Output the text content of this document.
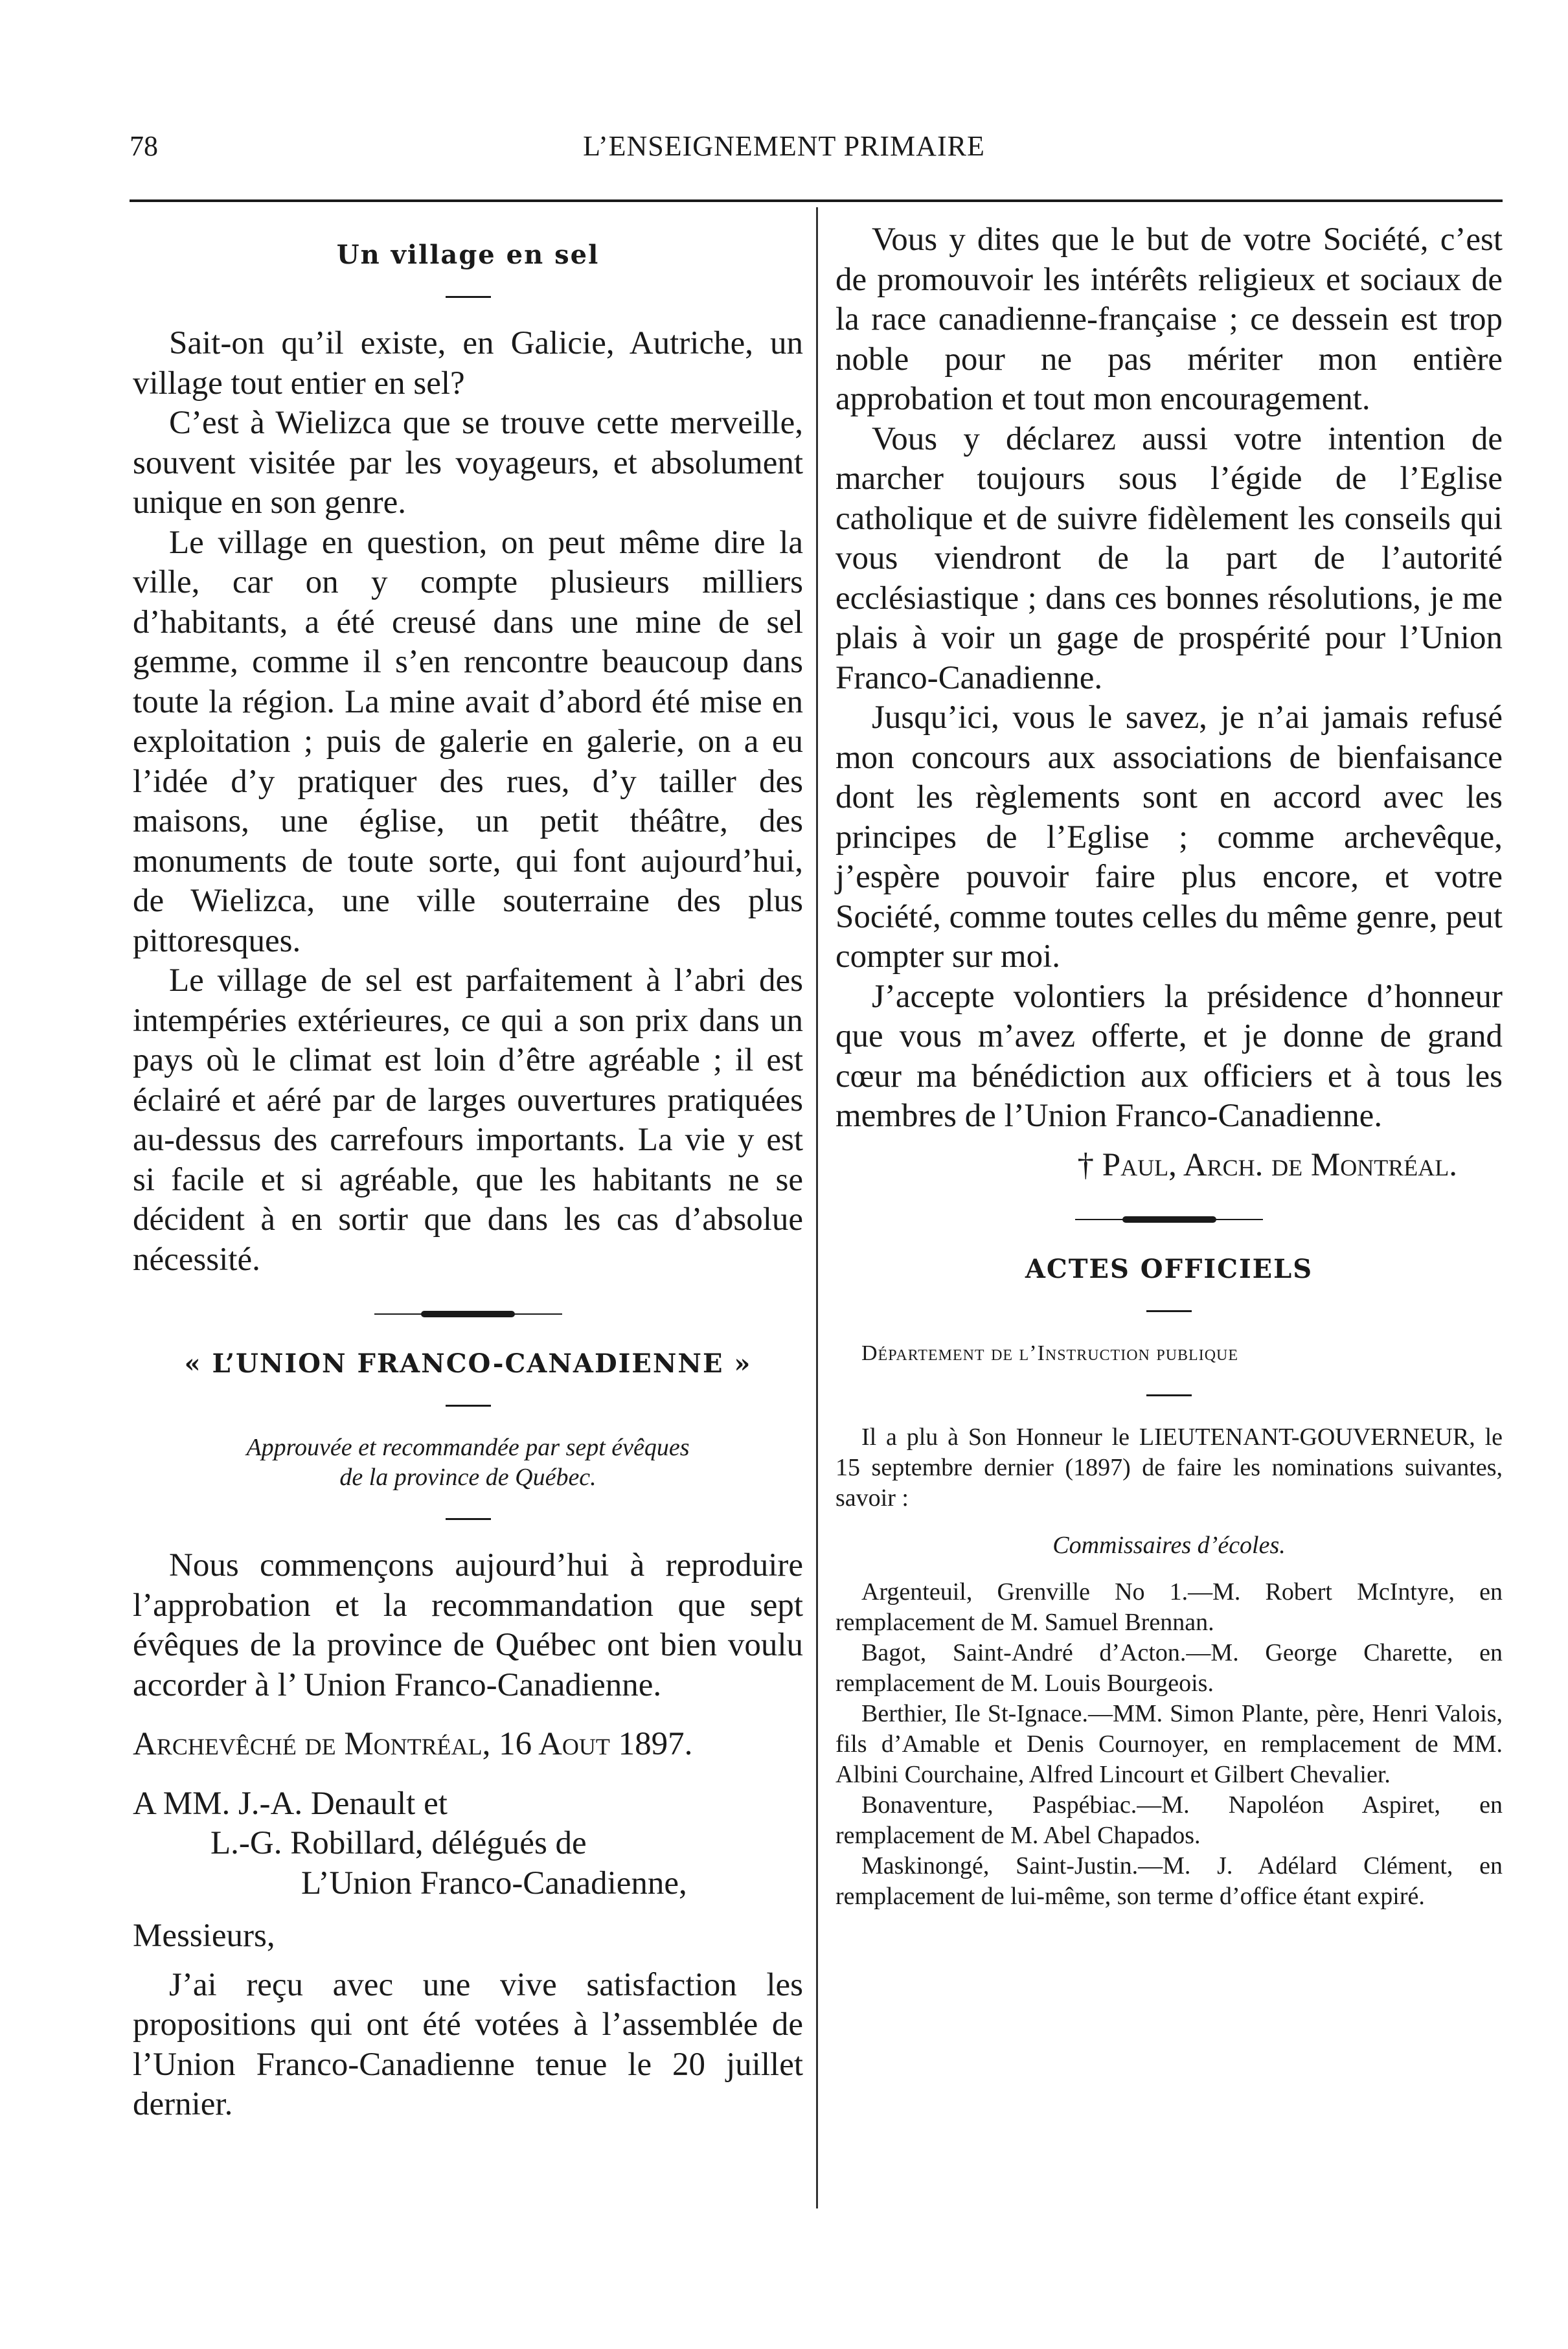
78	L’ENSEIGNEMENT PRIMAIRE
Un village en sel

Sait-on qu’il existe, en Galicie, Autriche, un village tout entier en sel?

C’est à Wielizca que se trouve cette merveille, souvent visitée par les voyageurs, et absolument unique en son genre.

Le village en question, on peut même dire la ville, car on y compte plusieurs milliers d’habitants, a été creusé dans une mine de sel gemme, comme il s’en rencontre beaucoup dans toute la région. La mine avait d’abord été mise en exploitation ; puis de galerie en galerie, on a eu l’idée d’y pratiquer des rues, d’y tailler des maisons, une église, un petit théâtre, des monuments de toute sorte, qui font aujourd’hui, de Wielizca, une ville souterraine des plus pittoresques.

Le village de sel est parfaitement à l’abri des intempéries extérieures, ce qui a son prix dans un pays où le climat est loin d’être agréable ; il est éclairé et aéré par de larges ouvertures pratiquées au-dessus des carrefours importants. La vie y est si facile et si agréable, que les habitants ne se décident à en sortir que dans les cas d’absolue nécessité.

« L’UNION FRANCO-CANADIENNE »

Approuvée et recommandée par sept évêques

de la province de Québec.

Nous commençons aujourd’hui à reproduire l’approbation et la recommandation que sept évêques de la province de Québec ont bien voulu accorder à l’ Union Franco-Canadienne.

Archevêché de Montréal, 16 Aout 1897.

A MM. J.-A. Denault et

L.-G. Robillard, délégués de

L’Union Franco-Canadienne,

Messieurs,

J’ai reçu avec une vive satisfaction les propositions qui ont été votées à l’assemblée de l’Union Franco-Canadienne tenue le 20 juillet dernier.

Vous y dites que le but de votre Société, c’est de promouvoir les intérêts religieux et sociaux de la race canadienne-française ; ce dessein est trop noble pour ne pas mériter mon entière approbation et tout mon encouragement.

Vous y déclarez aussi votre intention de marcher toujours sous l’égide de l’Eglise catholique et de suivre fidèlement les conseils qui vous viendront de la part de l’autorité ecclésiastique ; dans ces bonnes résolutions, je me plais à voir un gage de prospérité pour l’Union Franco-Canadienne.

Jusqu’ici, vous le savez, je n’ai jamais refusé mon concours aux associations de bienfaisance dont les règlements sont en accord avec les principes de l’Eglise ; comme archevêque, j’espère pouvoir faire plus encore, et votre Société, comme toutes celles du même genre, peut compter sur moi.

J’accepte volontiers la présidence d’honneur que vous m’avez offerte, et je donne de grand cœur ma bénédiction aux officiers et à tous les membres de l’Union Franco-Canadienne.

† Paul, Arch. de Montréal.

ACTES OFFICIELS

Département de l’Instruction publique

Il a plu à Son Honneur le LIEUTENANT-GOUVERNEUR, le 15 septembre dernier (1897) de faire les nominations suivantes, savoir :

Commissaires d’écoles.

Argenteuil, Grenville No 1.—M. Robert McIntyre, en remplacement de M. Samuel Brennan.

Bagot, Saint-André d’Acton.—M. George Charette, en remplacement de M. Louis Bourgeois.

Berthier, Ile St-Ignace.—MM. Simon Plante, père, Henri Valois, fils d’Amable et Denis Cournoyer, en remplacement de MM. Albini Courchaine, Alfred Lincourt et Gilbert Chevalier.

Bonaventure, Paspébiac.—M. Napoléon Aspiret, en remplacement de M. Abel Chapados.

Maskinongé, Saint-Justin.—M. J. Adélard Clément, en remplacement de lui-même, son terme d’office étant expiré.
